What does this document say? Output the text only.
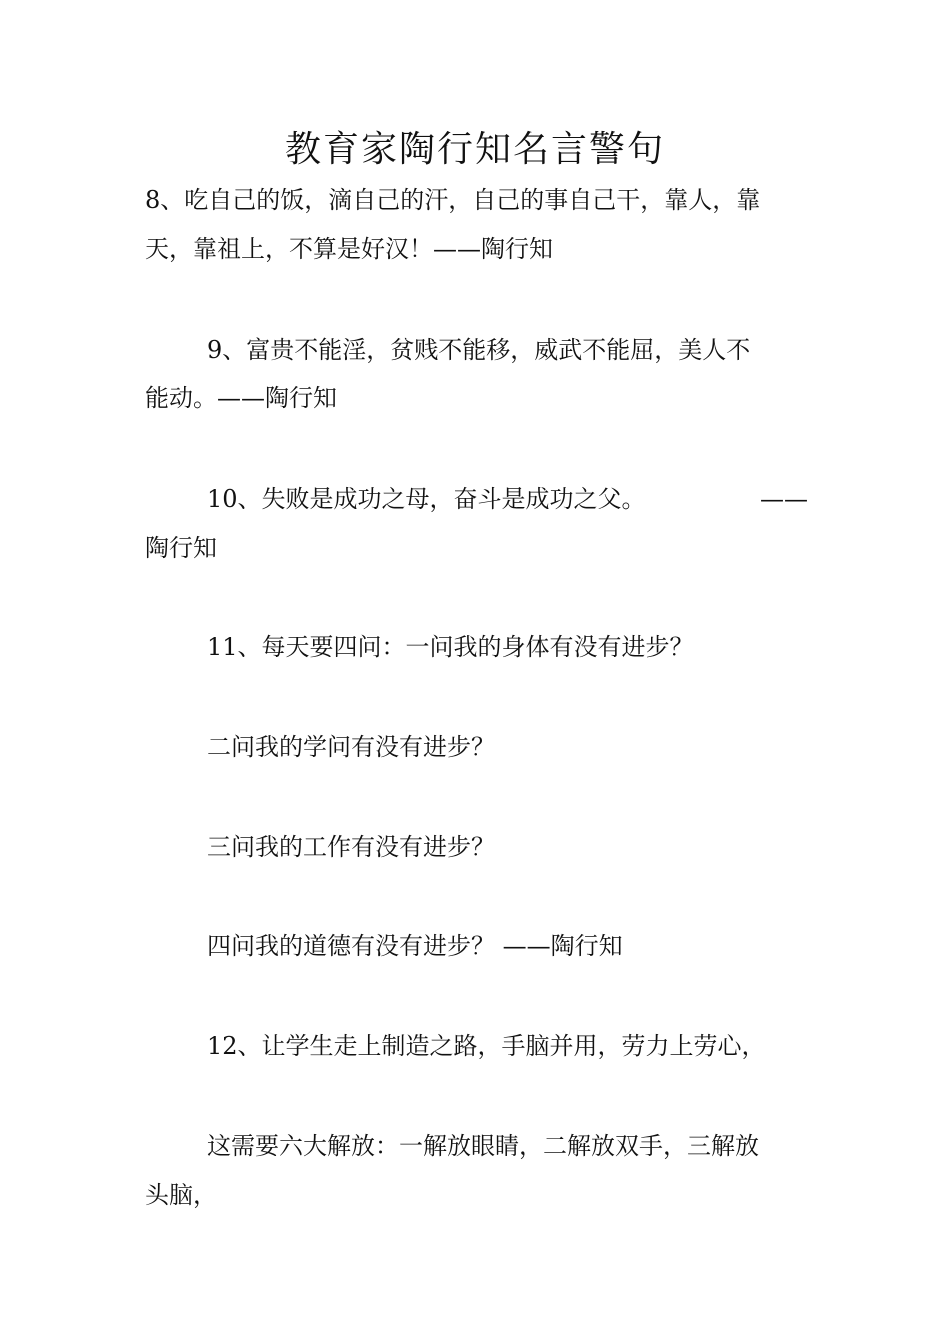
教育家陶行知名言警句
8、吃自己的饭，滴自己的汗，自己的事自己干，靠人，靠
天，靠祖上，不算是好汉！——陶行知
9、富贵不能淫，贫贱不能移，威武不能屈，美人不
能动。——陶行知
10、失败是成功之母，奋斗是成功之父。	——
陶行知
11、每天要四问：一问我的身体有没有进步？
二问我的学问有没有进步？
三问我的工作有没有进步？
四问我的道德有没有进步？ ——陶行知
12、让学生走上制造之路，手脑并用，劳力上劳心，
这需要六大解放：一解放眼睛，二解放双手，三解放
头脑，
